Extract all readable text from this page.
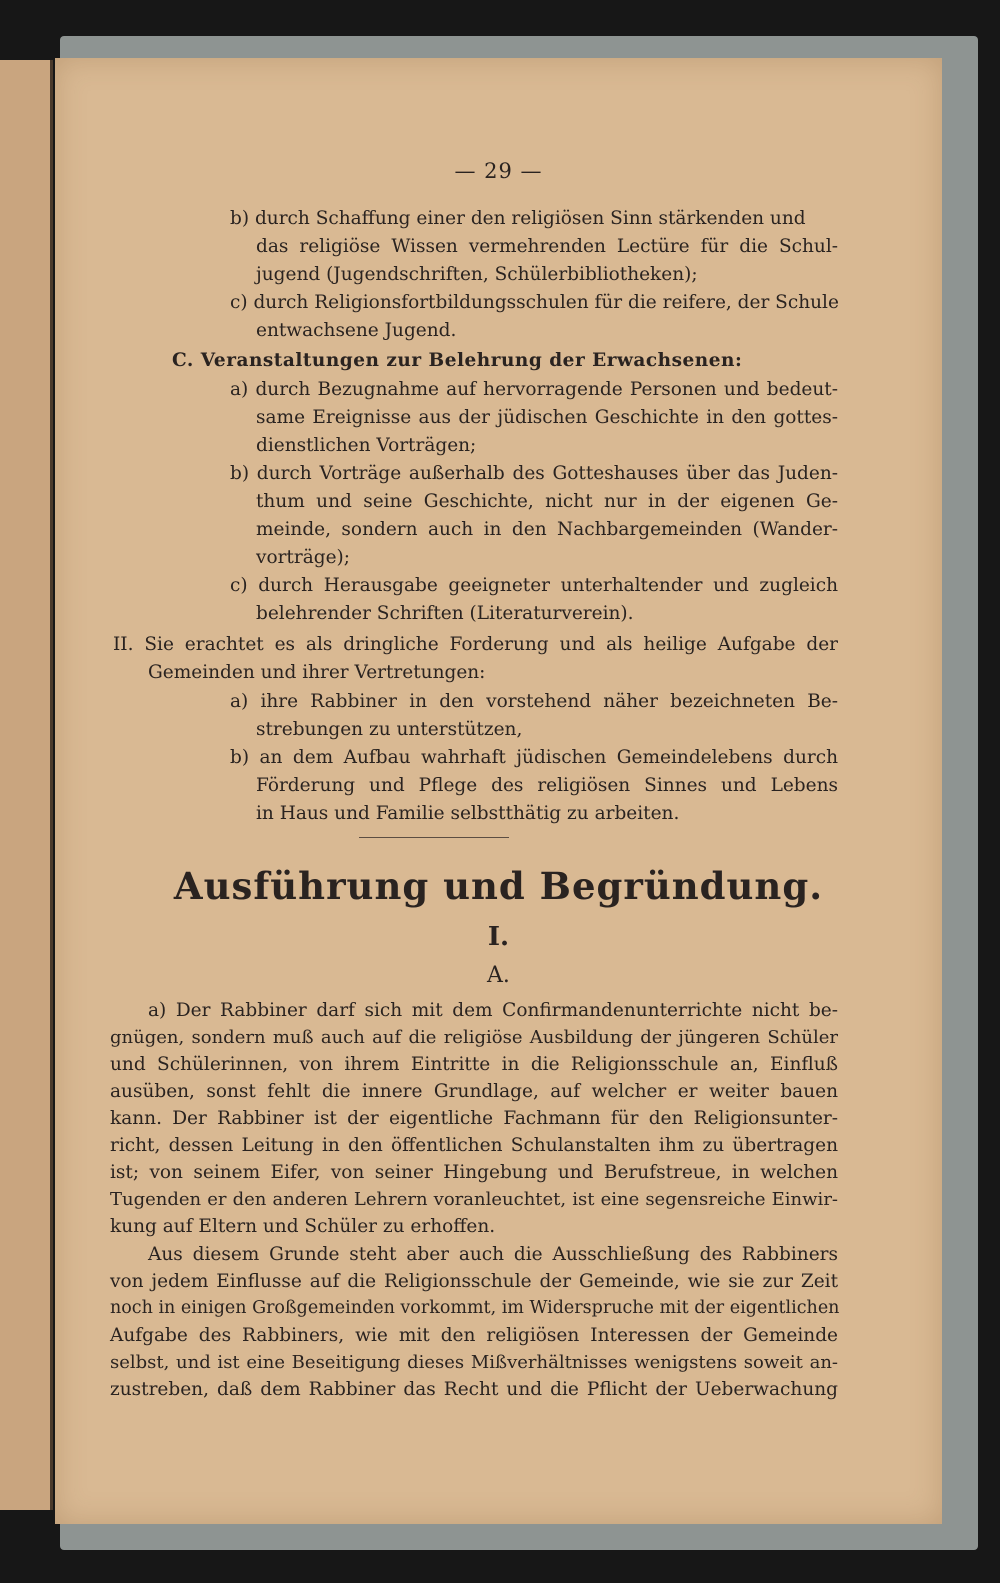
— 29 —
b) durch Schaffung einer den religiösen Sinn stärkenden und
das religiöse Wissen vermehrenden Lectüre für die Schul-
jugend (Jugendschriften, Schülerbibliotheken);
c) durch Religionsfortbildungsschulen für die reifere, der Schule
entwachsene Jugend.
C. Veranstaltungen zur Belehrung der Erwachsenen:
a) durch Bezugnahme auf hervorragende Personen und bedeut-
same Ereignisse aus der jüdischen Geschichte in den gottes-
dienstlichen Vorträgen;
b) durch Vorträge außerhalb des Gotteshauses über das Juden-
thum und seine Geschichte, nicht nur in der eigenen Ge-
meinde, sondern auch in den Nachbargemeinden (Wander-
vorträge);
c) durch Herausgabe geeigneter unterhaltender und zugleich
belehrender Schriften (Literaturverein).
II. Sie erachtet es als dringliche Forderung und als heilige Aufgabe der
Gemeinden und ihrer Vertretungen:
a) ihre Rabbiner in den vorstehend näher bezeichneten Be-
strebungen zu unterstützen,
b) an dem Aufbau wahrhaft jüdischen Gemeindelebens durch
Förderung und Pflege des religiösen Sinnes und Lebens
in Haus und Familie selbstthätig zu arbeiten.
Ausführung und Begründung.
I.
A.
a) Der Rabbiner darf sich mit dem Confirmandenunterrichte nicht be-
gnügen, sondern muß auch auf die religiöse Ausbildung der jüngeren Schüler
und Schülerinnen, von ihrem Eintritte in die Religionsschule an, Einfluß
ausüben, sonst fehlt die innere Grundlage, auf welcher er weiter bauen
kann. Der Rabbiner ist der eigentliche Fachmann für den Religionsunter-
richt, dessen Leitung in den öffentlichen Schulanstalten ihm zu übertragen
ist; von seinem Eifer, von seiner Hingebung und Berufstreue, in welchen
Tugenden er den anderen Lehrern voranleuchtet, ist eine segensreiche Einwir-
kung auf Eltern und Schüler zu erhoffen.
Aus diesem Grunde steht aber auch die Ausschließung des Rabbiners
von jedem Einflusse auf die Religionsschule der Gemeinde, wie sie zur Zeit
noch in einigen Großgemeinden vorkommt, im Widerspruche mit der eigentlichen
Aufgabe des Rabbiners, wie mit den religiösen Interessen der Gemeinde
selbst, und ist eine Beseitigung dieses Mißverhältnisses wenigstens soweit an-
zustreben, daß dem Rabbiner das Recht und die Pflicht der Ueberwachung
